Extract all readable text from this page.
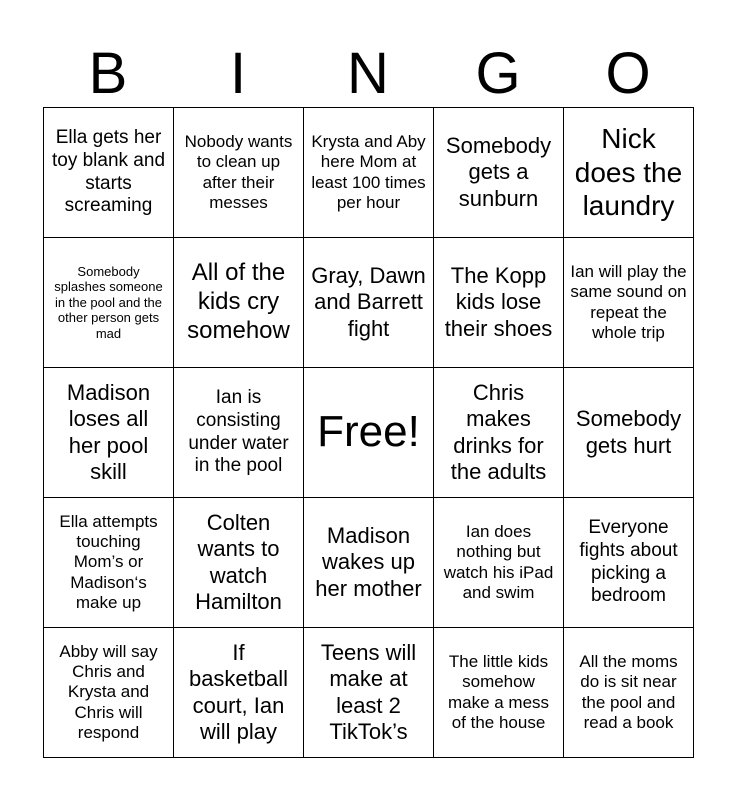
B	I	N	G	O
Ella gets her toy blank and starts screaming	Nobody wants to clean up after their messes	Krysta and Aby here Mom at least 100 times per hour	Somebody gets a sunburn	Nick does the laundry
Somebody splashes someone in the pool and the other person gets mad	All of the kids cry somehow	Gray, Dawn and Barrett fight	The Kopp kids lose their shoes	Ian will play the same sound on repeat the whole trip
Madison loses all her pool skill	Ian is consisting under water in the pool	Free!	Chris makes drinks for the adults	Somebody gets hurt
Ella attempts touching Mom’s or Madison‘s make up	Colten wants to watch Hamilton	Madison wakes up her mother	Ian does nothing but watch his iPad and swim	Everyone fights about picking a bedroom
Abby will say Chris and Krysta and Chris will respond	If basketball court, Ian will play	Teens will make at least 2 TikTok’s	The little kids somehow make a mess of the house	All the moms do is sit near the pool and read a book
